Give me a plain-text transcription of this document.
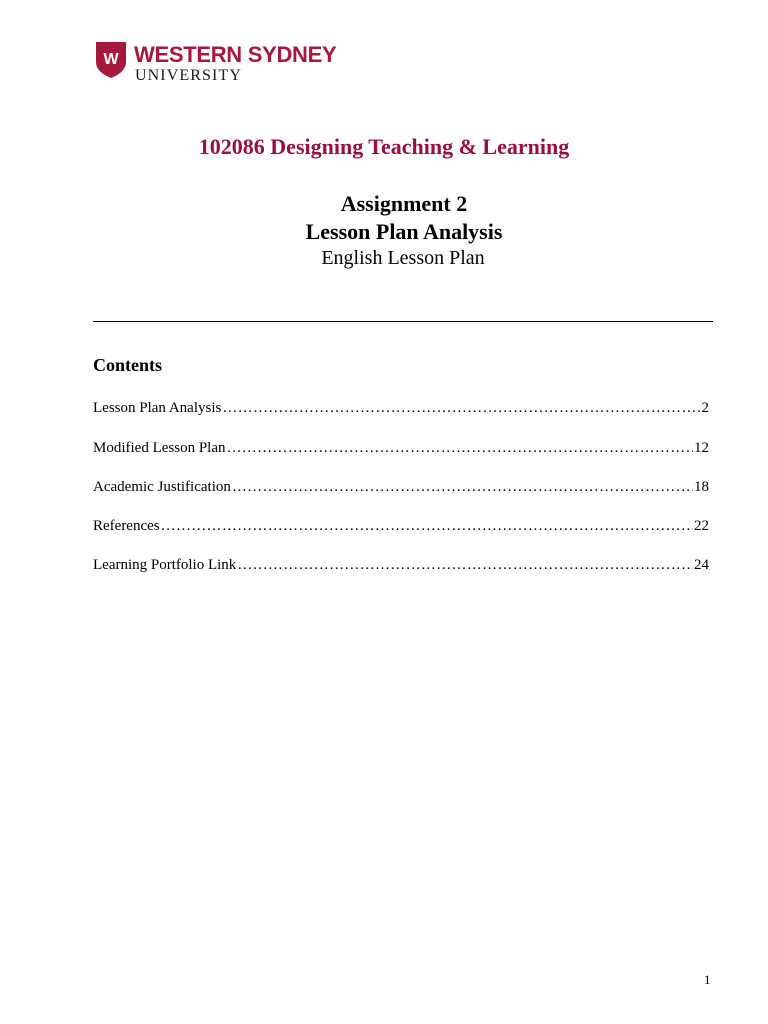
W WESTERN SYDNEY
UNIVERSITY
102086 Designing Teaching & Learning
Assignment 2
Lesson Plan Analysis
English Lesson Plan
Contents
Lesson Plan Analysis …………………………………………………………………………………………………………………………………………………………	2
Modified Lesson Plan …………………………………………………………………………………………………………………………………………………………	12
Academic Justification …………………………………………………………………………………………………………………………………………………………	18
References …………………………………………………………………………………………………………………………………………………………	22
Learning Portfolio Link …………………………………………………………………………………………………………………………………………………………	24
1
